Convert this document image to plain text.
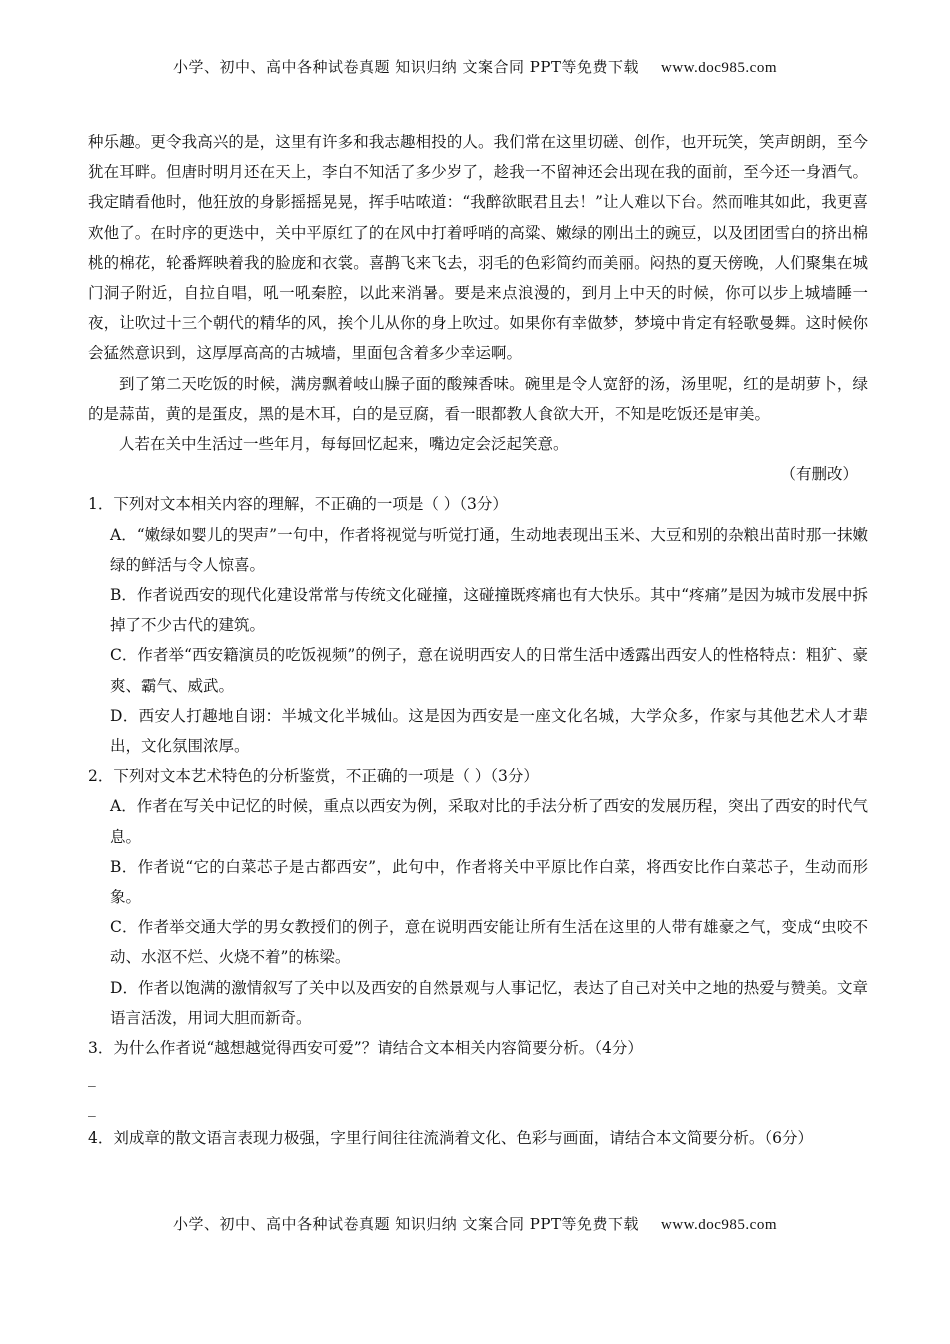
小学、初中、高中各种试卷真题 知识归纳 文案合同 PPT等免费下载 www.doc985.com

种乐趣。更令我高兴的是，这里有许多和我志趣相投的人。我们常在这里切磋、创作，也开玩笑，笑声朗朗，至今犹在耳畔。但唐时明月还在天上，李白不知活了多少岁了，趁我一不留神还会出现在我的面前，至今还一身酒气。我定睛看他时，他狂放的身影摇摇晃晃，挥手咕哝道：“我醉欲眠君且去！”让人难以下台。然而唯其如此，我更喜欢他了。在时序的更迭中，关中平原红了的在风中打着呼哨的高粱、嫩绿的刚出土的豌豆，以及团团雪白的挤出棉桃的棉花，轮番辉映着我的脸庞和衣裳。喜鹊飞来飞去，羽毛的色彩简约而美丽。闷热的夏天傍晚，人们聚集在城门洞子附近，自拉自唱，吼一吼秦腔，以此来消暑。要是来点浪漫的，到月上中天的时候，你可以步上城墙睡一夜，让吹过十三个朝代的精华的风，挨个儿从你的身上吹过。如果你有幸做梦，梦境中肯定有轻歌曼舞。这时候你会猛然意识到，这厚厚高高的古城墙，里面包含着多少幸运啊。

到了第二天吃饭的时候，满房飘着岐山臊子面的酸辣香味。碗里是令人宽舒的汤，汤里呢，红的是胡萝卜，绿的是蒜苗，黄的是蛋皮，黑的是木耳，白的是豆腐，看一眼都教人食欲大开，不知是吃饭还是审美。

人若在关中生活过一些年月，每每回忆起来，嘴边定会泛起笑意。

（有删改）

1．下列对文本相关内容的理解，不正确的一项是（ ）（3分）

A．“嫩绿如婴儿的哭声”一句中，作者将视觉与听觉打通，生动地表现出玉米、大豆和别的杂粮出苗时那一抹嫩绿的鲜活与令人惊喜。

B．作者说西安的现代化建设常常与传统文化碰撞，这碰撞既疼痛也有大快乐。其中“疼痛”是因为城市发展中拆掉了不少古代的建筑。

C．作者举“西安籍演员的吃饭视频”的例子，意在说明西安人的日常生活中透露出西安人的性格特点：粗犷、豪爽、霸气、威武。

D．西安人打趣地自诩：半城文化半城仙。这是因为西安是一座文化名城，大学众多，作家与其他艺术人才辈出，文化氛围浓厚。

2．下列对文本艺术特色的分析鉴赏，不正确的一项是（ ）（3分）

A．作者在写关中记忆的时候，重点以西安为例，采取对比的手法分析了西安的发展历程，突出了西安的时代气息。

B．作者说“它的白菜芯子是古都西安”，此句中，作者将关中平原比作白菜，将西安比作白菜芯子，生动而形象。

C．作者举交通大学的男女教授们的例子，意在说明西安能让所有生活在这里的人带有雄豪之气，变成“虫咬不动、水沤不烂、火烧不着”的栋梁。

D．作者以饱满的激情叙写了关中以及西安的自然景观与人事记忆，表达了自己对关中之地的热爱与赞美。文章语言活泼，用词大胆而新奇。

3．为什么作者说“越想越觉得西安可爱”？请结合文本相关内容简要分析。（4分）

_

_

4．刘成章的散文语言表现力极强，字里行间往往流淌着文化、色彩与画面，请结合本文简要分析。（6分）

小学、初中、高中各种试卷真题 知识归纳 文案合同 PPT等免费下载 www.doc985.com
